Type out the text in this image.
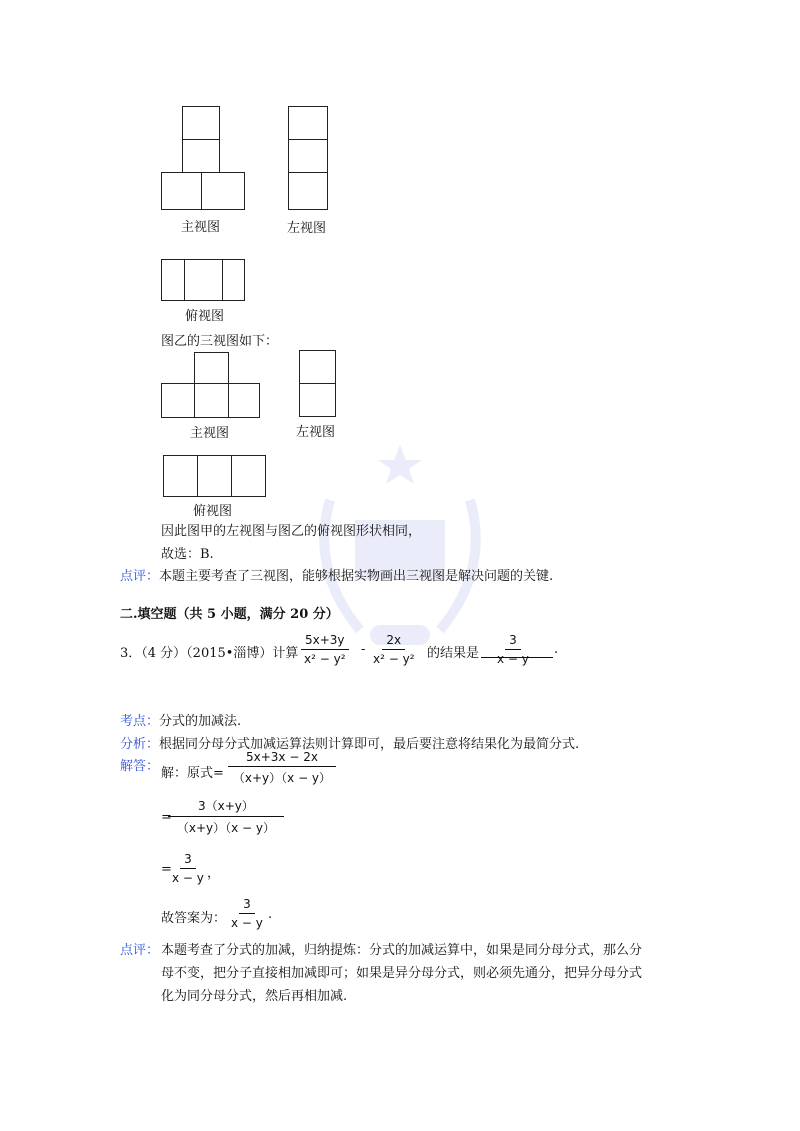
主视图	左视图
俯视图
图乙的三视图如下：
主视图	左视图
俯视图
因此图甲的左视图与图乙的俯视图形状相同，
故选：B.
点评：本题主要考查了三视图，能够根据实物画出三视图是解决问题的关键.
二.填空题（共 5 小题，满分 20 分）
3．（4 分）（2015•淄博）计算 $\frac{5x+3y}{\text{x² − y²}} - \frac{2x}{\text{x² − y²}}$ 的结果是 $\frac{3}{x - y}$ .
考点：分式的加减法.
分析：根据同分母分式加减运算法则计算即可，最后要注意将结果化为最简分式.
解答： 解：原式= $\frac{5x+3x - 2x}{(x+y)(x - y)}$
=
$\frac{3(x+y)}{(x+y)(x - y)}$
=
$\frac{3}{x - y}$ ，
故答案为： $\frac{3}{x - y}$ .
点评： 本题考查了分式的加减，归纳提炼：分式的加减运算中，如果是同分母分式，那么分
母不变，把分子直接相加减即可；如果是异分母分式，则必须先通分，把异分母分式
化为同分母分式，然后再相加减.
